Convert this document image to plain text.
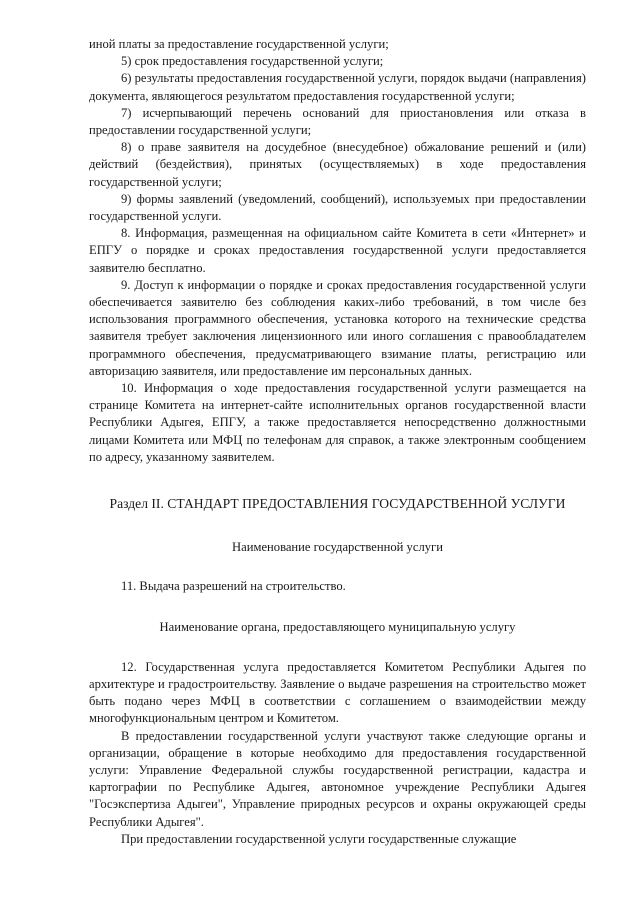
иной платы за предоставление государственной услуги;

5) срок предоставления государственной услуги;

6) результаты предоставления государственной услуги, порядок выдачи (направления) документа, являющегося результатом предоставления государственной услуги;

7) исчерпывающий перечень оснований для приостановления или отказа в предоставлении государственной услуги;

8) о праве заявителя на досудебное (внесудебное) обжалование решений и (или) действий (бездействия), принятых (осуществляемых) в ходе предоставления государственной услуги;

9) формы заявлений (уведомлений, сообщений), используемых при предоставлении государственной услуги.

8. Информация, размещенная на официальном сайте Комитета в сети «Интернет» и ЕПГУ о порядке и сроках предоставления государственной услуги предоставляется заявителю бесплатно.

9. Доступ к информации о порядке и сроках предоставления государственной услуги обеспечивается заявителю без соблюдения каких-либо требований, в том числе без использования программного обеспечения, установка которого на технические средства заявителя требует заключения лицензионного или иного соглашения с правообладателем программного обеспечения, предусматривающего взимание платы, регистрацию или авторизацию заявителя, или предоставление им персональных данных.

10. Информация о ходе предоставления государственной услуги размещается на странице Комитета на интернет-сайте исполнительных органов государственной власти Республики Адыгея, ЕПГУ, а также предоставляется непосредственно должностными лицами Комитета или МФЦ по телефонам для справок, а также электронным сообщением по адресу, указанному заявителем.

Раздел II. СТАНДАРТ ПРЕДОСТАВЛЕНИЯ ГОСУДАРСТВЕННОЙ УСЛУГИ

Наименование государственной услуги

11. Выдача разрешений на строительство.

Наименование органа, предоставляющего муниципальную услугу

12. Государственная услуга предоставляется Комитетом Республики Адыгея по архитектуре и градостроительству. Заявление о выдаче разрешения на строительство может быть подано через МФЦ в соответствии с соглашением о взаимодействии между многофункциональным центром и Комитетом.

В предоставлении государственной услуги участвуют также следующие органы и организации, обращение в которые необходимо для предоставления государственной услуги: Управление Федеральной службы государственной регистрации, кадастра и картографии по Республике Адыгея, автономное учреждение Республики Адыгея "Госэкспертиза Адыгеи", Управление природных ресурсов и охраны окружающей среды Республики Адыгея".

При предоставлении государственной услуги государственные служащие
